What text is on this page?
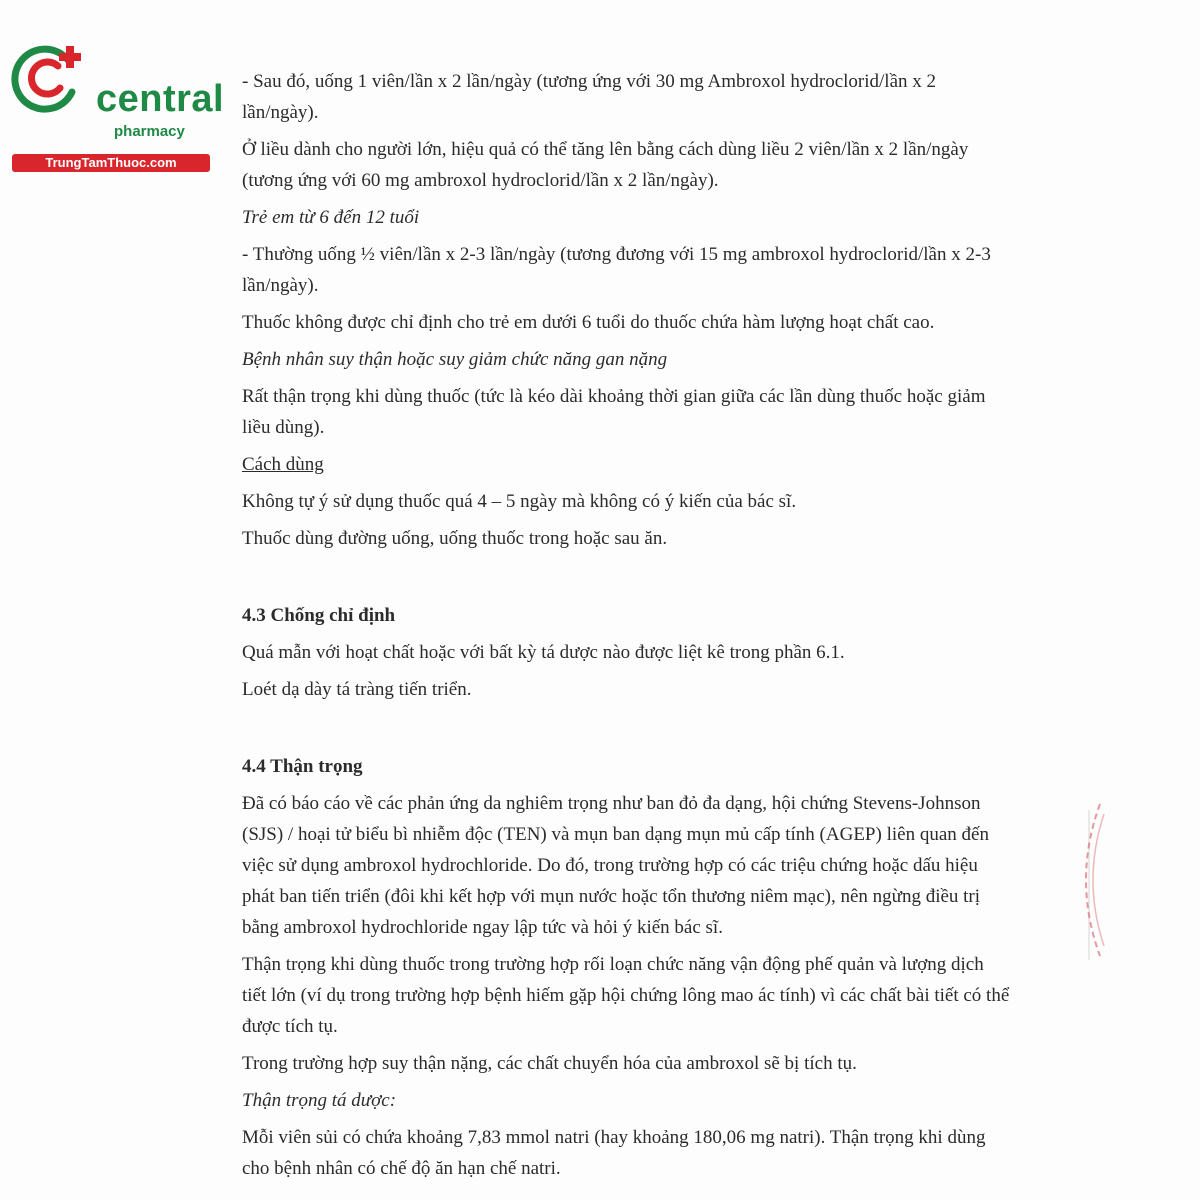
central
pharmacy
TrungTamThuoc.com

- Sau đó, uống 1 viên/lần x 2 lần/ngày (tương ứng với 30 mg Ambroxol hydroclorid/lần x 2 lần/ngày).

Ở liều dành cho người lớn, hiệu quả có thể tăng lên bằng cách dùng liều 2 viên/lần x 2 lần/ngày (tương ứng với 60 mg ambroxol hydroclorid/lần x 2 lần/ngày).

Trẻ em từ 6 đến 12 tuổi

- Thường uống ½ viên/lần x 2-3 lần/ngày (tương đương với 15 mg ambroxol hydroclorid/lần x 2-3 lần/ngày).

Thuốc không được chỉ định cho trẻ em dưới 6 tuổi do thuốc chứa hàm lượng hoạt chất cao.

Bệnh nhân suy thận hoặc suy giảm chức năng gan nặng

Rất thận trọng khi dùng thuốc (tức là kéo dài khoảng thời gian giữa các lần dùng thuốc hoặc giảm liều dùng).

Cách dùng

Không tự ý sử dụng thuốc quá 4 – 5 ngày mà không có ý kiến của bác sĩ.

Thuốc dùng đường uống, uống thuốc trong hoặc sau ăn.

4.3 Chống chỉ định

Quá mẫn với hoạt chất hoặc với bất kỳ tá dược nào được liệt kê trong phần 6.1.

Loét dạ dày tá tràng tiến triển.

4.4 Thận trọng

Đã có báo cáo về các phản ứng da nghiêm trọng như ban đỏ đa dạng, hội chứng Stevens-Johnson (SJS) / hoại tử biểu bì nhiễm độc (TEN) và mụn ban dạng mụn mủ cấp tính (AGEP) liên quan đến việc sử dụng ambroxol hydrochloride. Do đó, trong trường hợp có các triệu chứng hoặc dấu hiệu phát ban tiến triển (đôi khi kết hợp với mụn nước hoặc tổn thương niêm mạc), nên ngừng điều trị bằng ambroxol hydrochloride ngay lập tức và hỏi ý kiến bác sĩ.

Thận trọng khi dùng thuốc trong trường hợp rối loạn chức năng vận động phế quản và lượng dịch tiết lớn (ví dụ trong trường hợp bệnh hiếm gặp hội chứng lông mao ác tính) vì các chất bài tiết có thể được tích tụ.

Trong trường hợp suy thận nặng, các chất chuyển hóa của ambroxol sẽ bị tích tụ.

Thận trọng tá dược:

Mỗi viên sủi có chứa khoảng 7,83 mmol natri (hay khoảng 180,06 mg natri). Thận trọng khi dùng cho bệnh nhân có chế độ ăn hạn chế natri.
